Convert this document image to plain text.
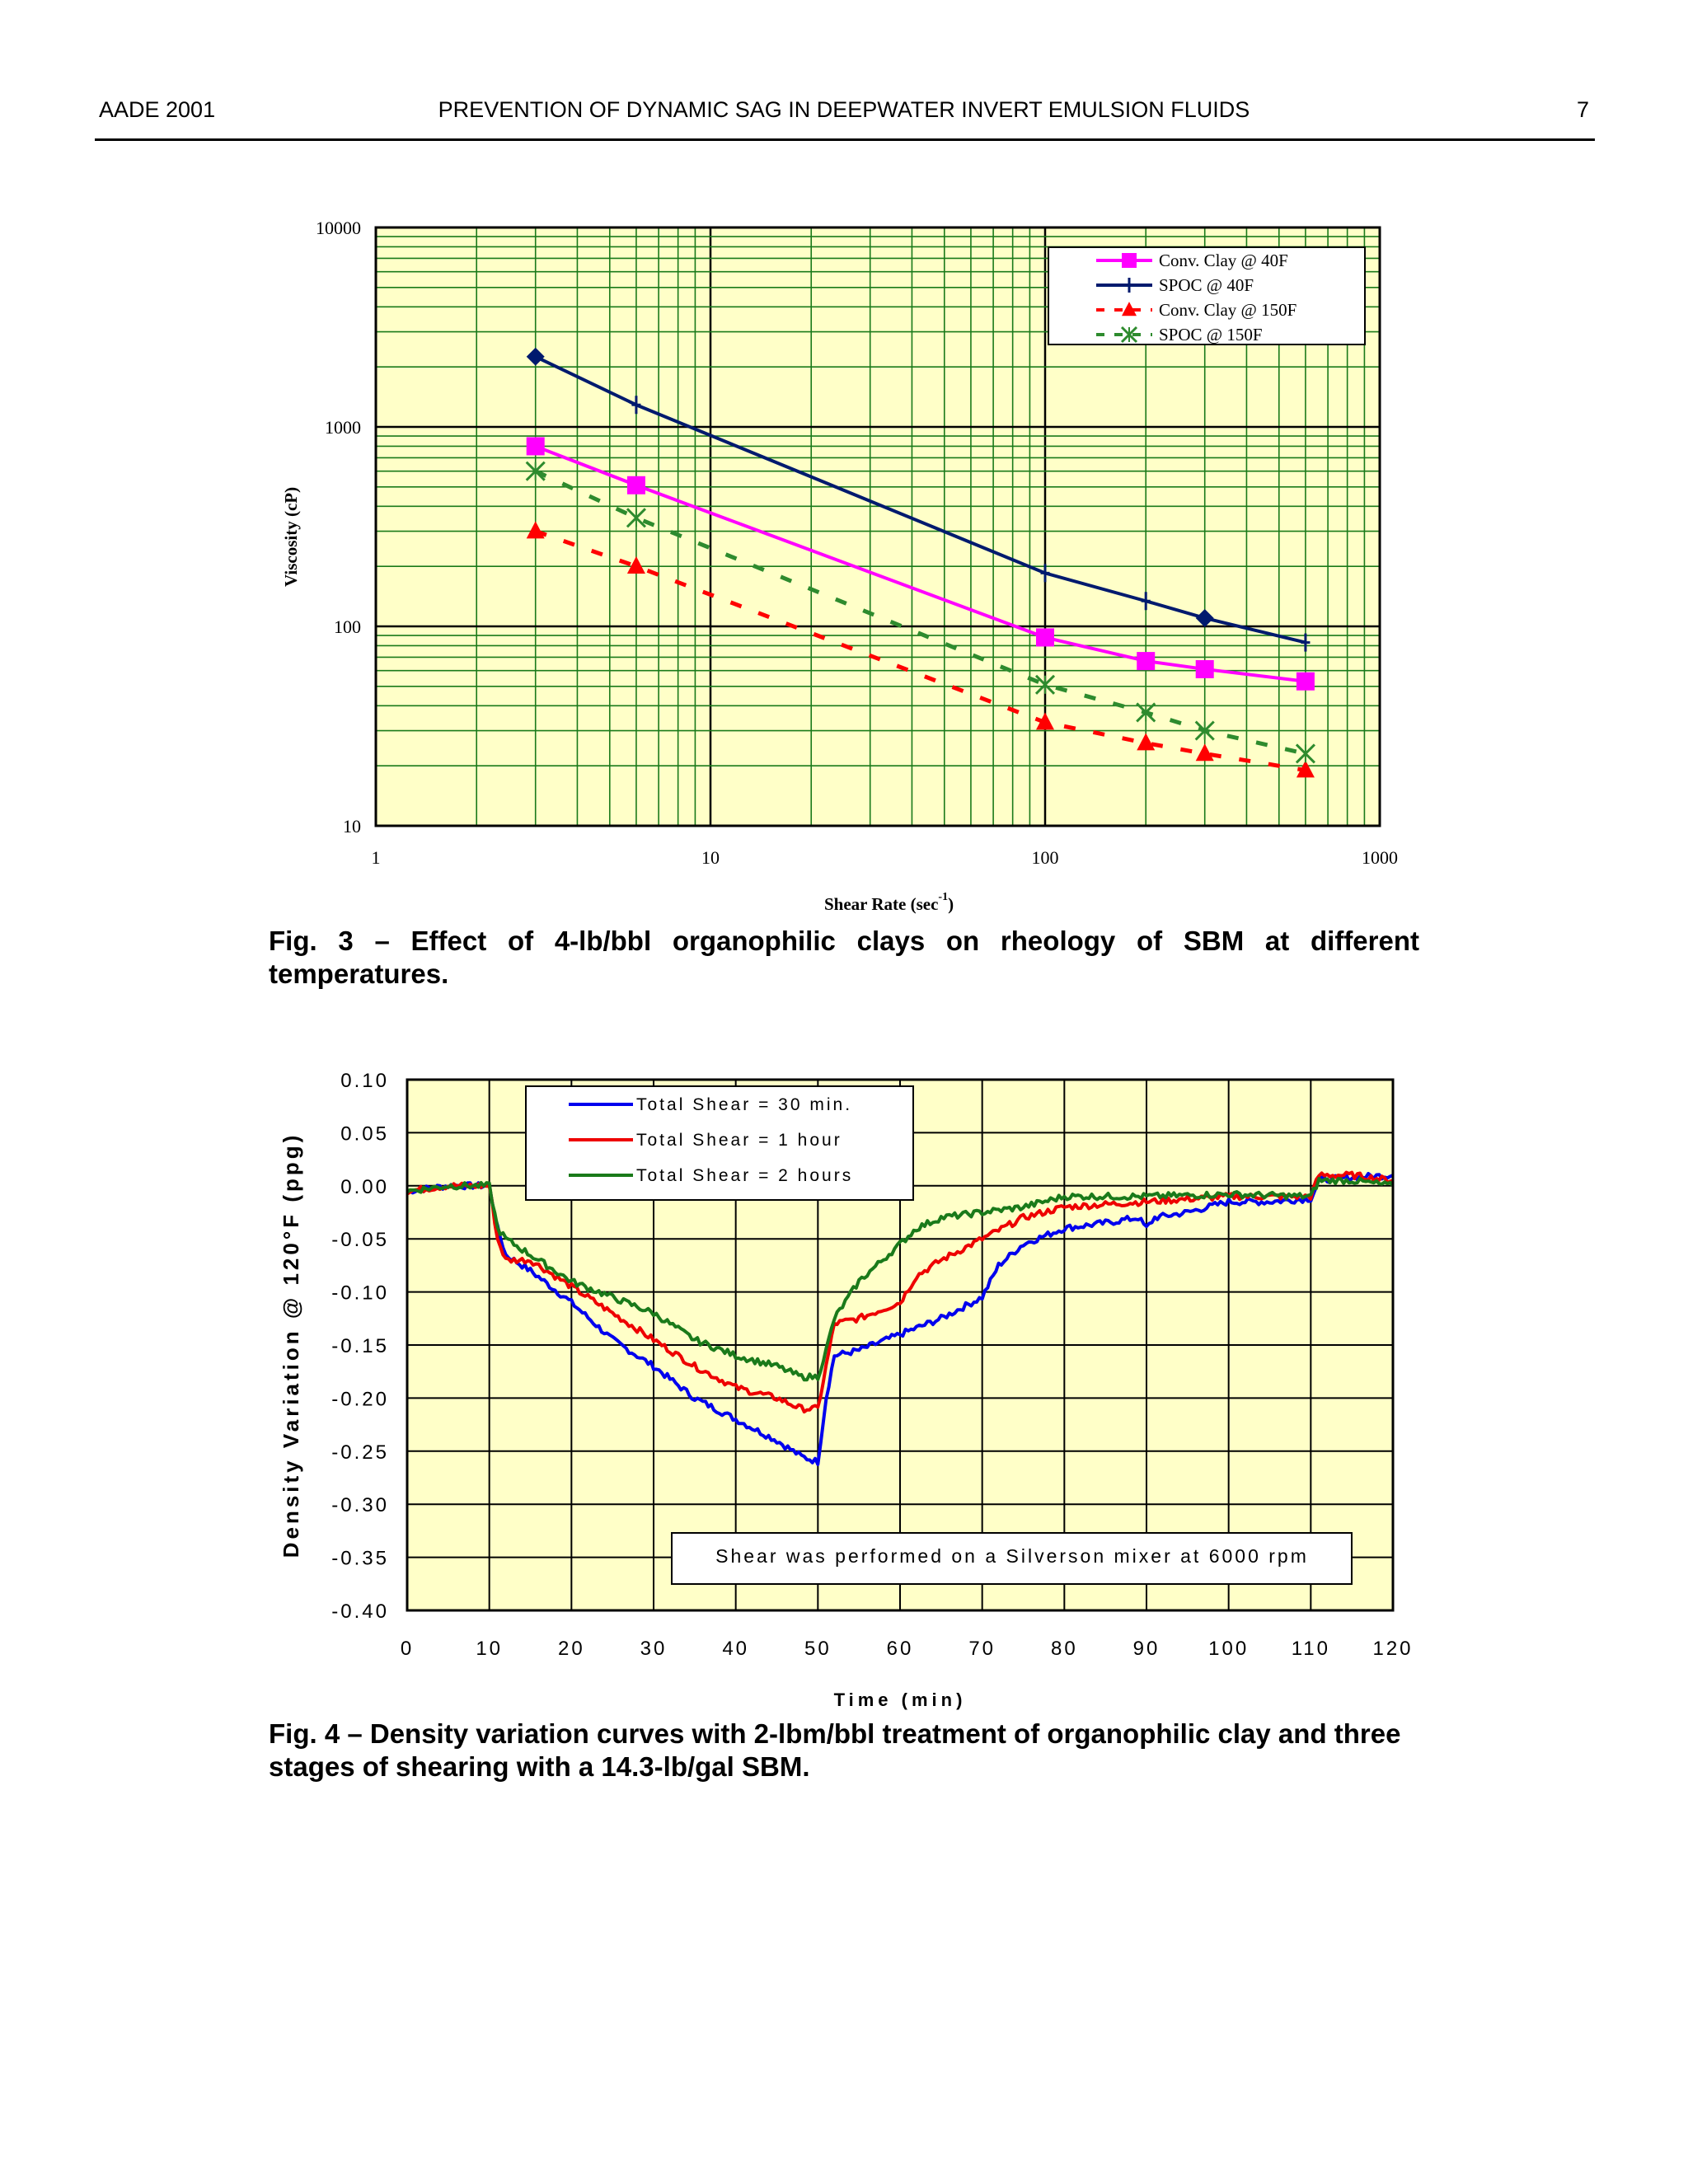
AADE 2001	PREVENTION OF DYNAMIC SAG IN DEEPWATER INVERT EMULSION FLUIDS	7
1	10	100	1000
10
100
1000
10000
Shear Rate $(\sec^{-1})$
Viscosity (cP)
Conv. Clay @ 40F
SPOC @ 40F
Conv. Clay @ 150F
SPOC @ 150F
Fig. 3 – Effect of 4-lb/bbl organophilic clays on rheology of SBM at different temperatures.
0	10	20	30	40	50	60	70	80	90 100 110 120
0.10
0.05
0.00
-0.05
-0.10
-0.15
-0.20
-0.25
-0.30
-0.35
-0.40
Time (min)
Density Variation @ 120°F (ppg)
Total Shear = 30 min.
Total Shear = 1 hour
Total Shear = 2 hours
Shear was performed on a Silverson mixer at 6000 rpm
Fig. 4 – Density variation curves with 2-lbm/bbl treatment of organophilic clay and three stages of shearing with a 14.3-lb/gal SBM.
